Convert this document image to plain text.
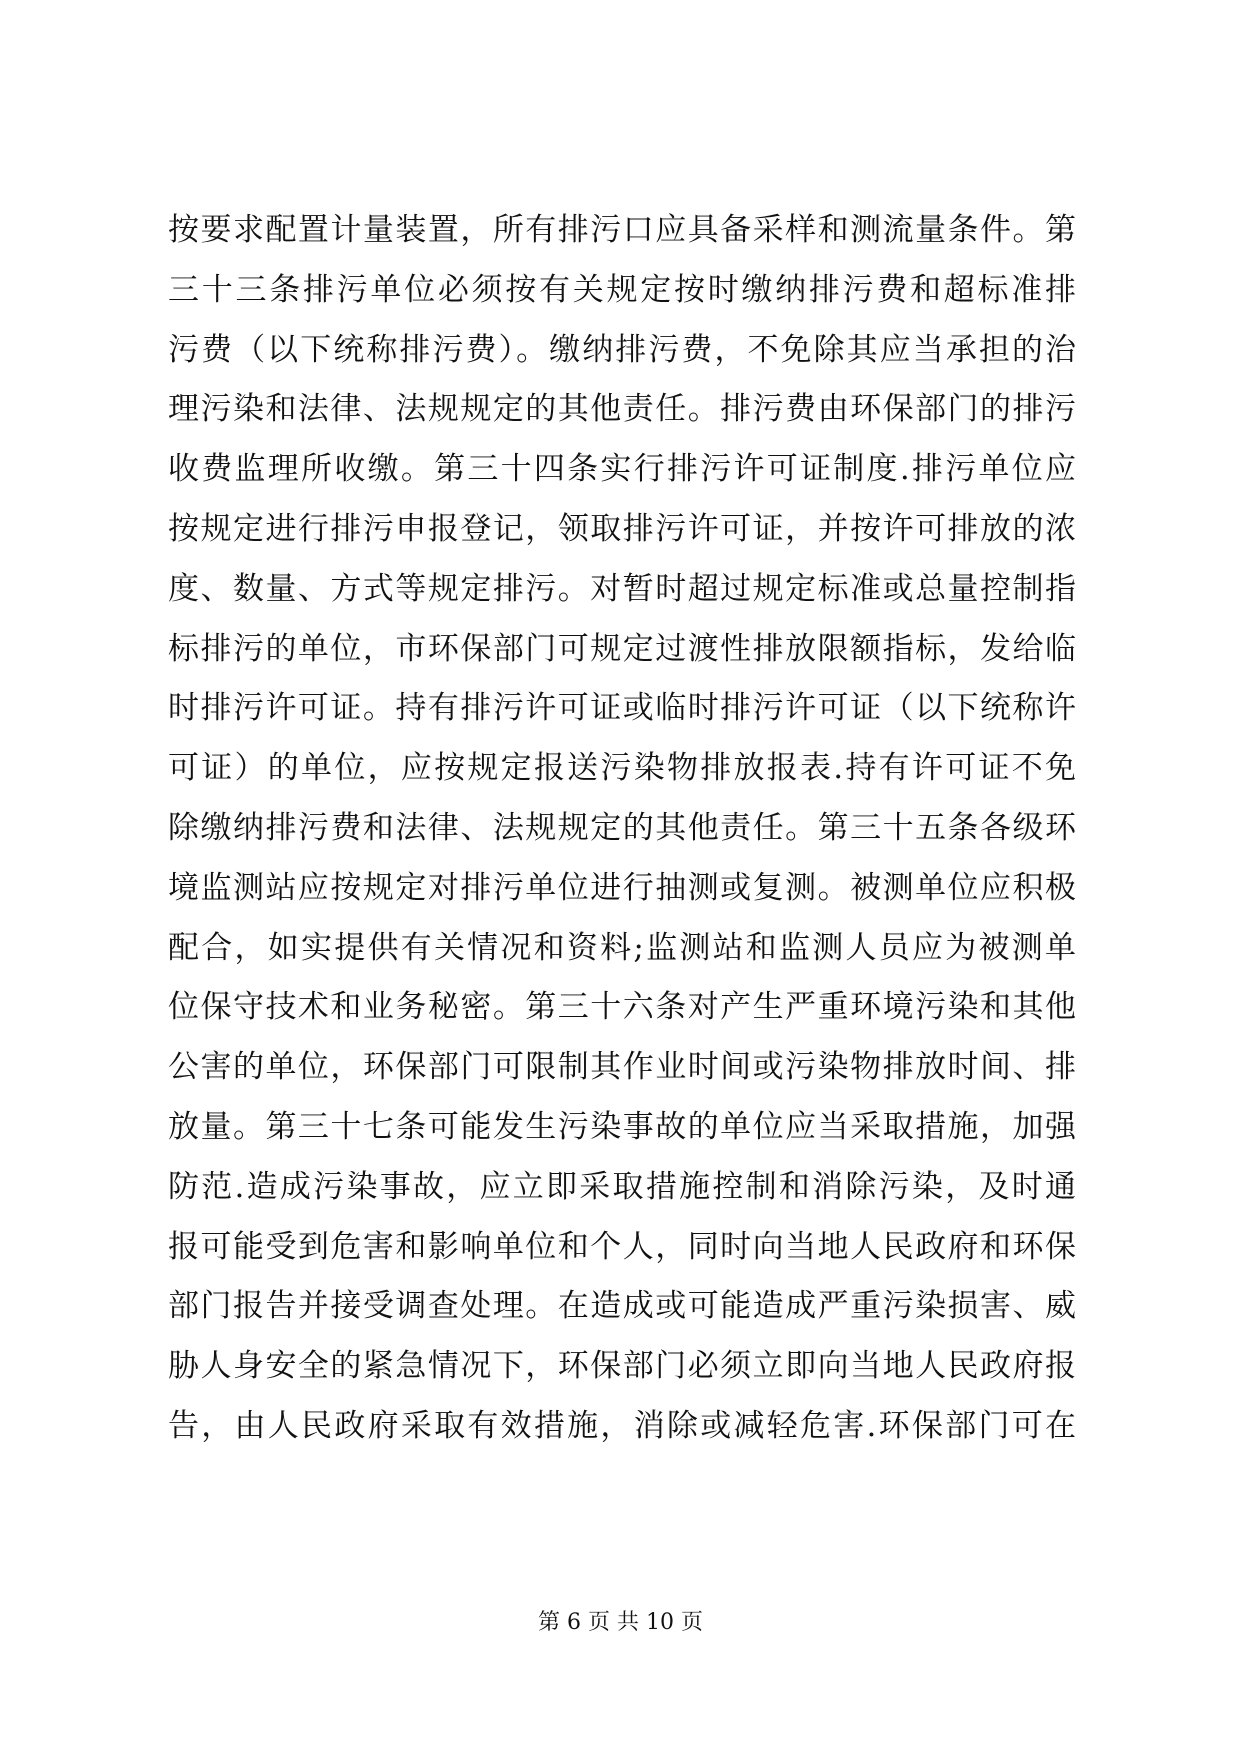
按要求配置计量装置，所有排污口应具备采样和测流量条件。第
三十三条排污单位必须按有关规定按时缴纳排污费和超标准排
污费（以下统称排污费）。缴纳排污费，不免除其应当承担的治
理污染和法律、法规规定的其他责任。排污费由环保部门的排污
收费监理所收缴。第三十四条实行排污许可证制度.排污单位应
按规定进行排污申报登记，领取排污许可证，并按许可排放的浓
度、数量、方式等规定排污。对暂时超过规定标准或总量控制指
标排污的单位，市环保部门可规定过渡性排放限额指标，发给临
时排污许可证。持有排污许可证或临时排污许可证（以下统称许
可证）的单位，应按规定报送污染物排放报表.持有许可证不免
除缴纳排污费和法律、法规规定的其他责任。第三十五条各级环
境监测站应按规定对排污单位进行抽测或复测。被测单位应积极
配合，如实提供有关情况和资料;监测站和监测人员应为被测单
位保守技术和业务秘密。第三十六条对产生严重环境污染和其他
公害的单位，环保部门可限制其作业时间或污染物排放时间、排
放量。第三十七条可能发生污染事故的单位应当采取措施，加强
防范.造成污染事故，应立即采取措施控制和消除污染，及时通
报可能受到危害和影响单位和个人，同时向当地人民政府和环保
部门报告并接受调查处理。在造成或可能造成严重污染损害、威
胁人身安全的紧急情况下，环保部门必须立即向当地人民政府报
告，由人民政府采取有效措施，消除或减轻危害.环保部门可在
第 6 页 共 10 页
